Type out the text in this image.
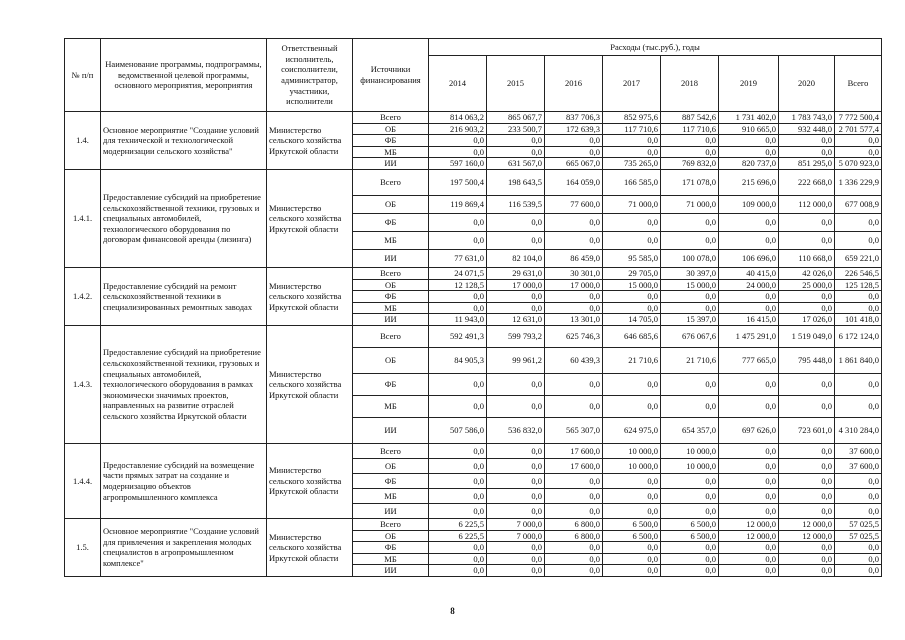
№ п/п	Наименование программы, подпрограммы, ведомственной целевой программы, основного мероприятия, мероприятия	Ответственный исполнитель, соисполнители, администратор, участники, исполнители	Источники финансирования	Расходы (тыс.руб.), годы							
				2014	2015	2016	2017	2018	2019	2020	Всего
1.4.	Основное мероприятие "Создание условий для технической и технологической модернизации сельского хозяйства"	Министерство сельского хозяйства Иркутской области	Всего	814 063,2	865 067,7	837 706,3	852 975,6	887 542,6	1 731 402,0	1 783 743,0	7 772 500,4
			ОБ	216 903,2	233 500,7	172 639,3	117 710,6	117 710,6	910 665,0	932 448,0	2 701 577,4
			ФБ	0,0	0,0	0,0	0,0	0,0	0,0	0,0	0,0
			МБ	0,0	0,0	0,0	0,0	0,0	0,0	0,0	0,0
			ИИ	597 160,0	631 567,0	665 067,0	735 265,0	769 832,0	820 737,0	851 295,0	5 070 923,0
1.4.1.	Предоставление субсидий на приобретение сельскохозяйственной техники, грузовых и специальных автомобилей, технологического оборудования по договорам финансовой аренды (лизинга)	Министерство сельского хозяйства Иркутской области	Всего	197 500,4	198 643,5	164 059,0	166 585,0	171 078,0	215 696,0	222 668,0	1 336 229,9
			ОБ	119 869,4	116 539,5	77 600,0	71 000,0	71 000,0	109 000,0	112 000,0	677 008,9
			ФБ	0,0	0,0	0,0	0,0	0,0	0,0	0,0	0,0
			МБ	0,0	0,0	0,0	0,0	0,0	0,0	0,0	0,0
			ИИ	77 631,0	82 104,0	86 459,0	95 585,0	100 078,0	106 696,0	110 668,0	659 221,0
1.4.2.	Предоставление субсидий на ремонт сельскохозяйственной техники в специализированных ремонтных заводах	Министерство сельского хозяйства Иркутской области	Всего	24 071,5	29 631,0	30 301,0	29 705,0	30 397,0	40 415,0	42 026,0	226 546,5
			ОБ	12 128,5	17 000,0	17 000,0	15 000,0	15 000,0	24 000,0	25 000,0	125 128,5
			ФБ	0,0	0,0	0,0	0,0	0,0	0,0	0,0	0,0
			МБ	0,0	0,0	0,0	0,0	0,0	0,0	0,0	0,0
			ИИ	11 943,0	12 631,0	13 301,0	14 705,0	15 397,0	16 415,0	17 026,0	101 418,0
1.4.3.	Предоставление субсидий на приобретение сельскохозяйственной техники, грузовых и специальных автомобилей, технологического оборудования в рамках экономически значимых проектов, направленных на развитие отраслей сельского хозяйства Иркутской области	Министерство сельского хозяйства Иркутской области	Всего	592 491,3	599 793,2	625 746,3	646 685,6	676 067,6	1 475 291,0	1 519 049,0	6 172 124,0
			ОБ	84 905,3	99 961,2	60 439,3	21 710,6	21 710,6	777 665,0	795 448,0	1 861 840,0
			ФБ	0,0	0,0	0,0	0,0	0,0	0,0	0,0	0,0
			МБ	0,0	0,0	0,0	0,0	0,0	0,0	0,0	0,0
			ИИ	507 586,0	536 832,0	565 307,0	624 975,0	654 357,0	697 626,0	723 601,0	4 310 284,0
1.4.4.	Предоставление субсидий на возмещение части прямых затрат на создание и модернизацию объектов агропромышленного комплекса	Министерство сельского хозяйства Иркутской области	Всего	0,0	0,0	17 600,0	10 000,0	10 000,0	0,0	0,0	37 600,0
			ОБ	0,0	0,0	17 600,0	10 000,0	10 000,0	0,0	0,0	37 600,0
			ФБ	0,0	0,0	0,0	0,0	0,0	0,0	0,0	0,0
			МБ	0,0	0,0	0,0	0,0	0,0	0,0	0,0	0,0
			ИИ	0,0	0,0	0,0	0,0	0,0	0,0	0,0	0,0
1.5.	Основное мероприятие "Создание условий для привлечения и закрепления молодых специалистов в агропромышленном комплексе"	Министерство сельского хозяйства Иркутской области	Всего	6 225,5	7 000,0	6 800,0	6 500,0	6 500,0	12 000,0	12 000,0	57 025,5
			ОБ	6 225,5	7 000,0	6 800,0	6 500,0	6 500,0	12 000,0	12 000,0	57 025,5
			ФБ	0,0	0,0	0,0	0,0	0,0	0,0	0,0	0,0
			МБ	0,0	0,0	0,0	0,0	0,0	0,0	0,0	0,0
			ИИ	0,0	0,0	0,0	0,0	0,0	0,0	0,0	0,0
8
